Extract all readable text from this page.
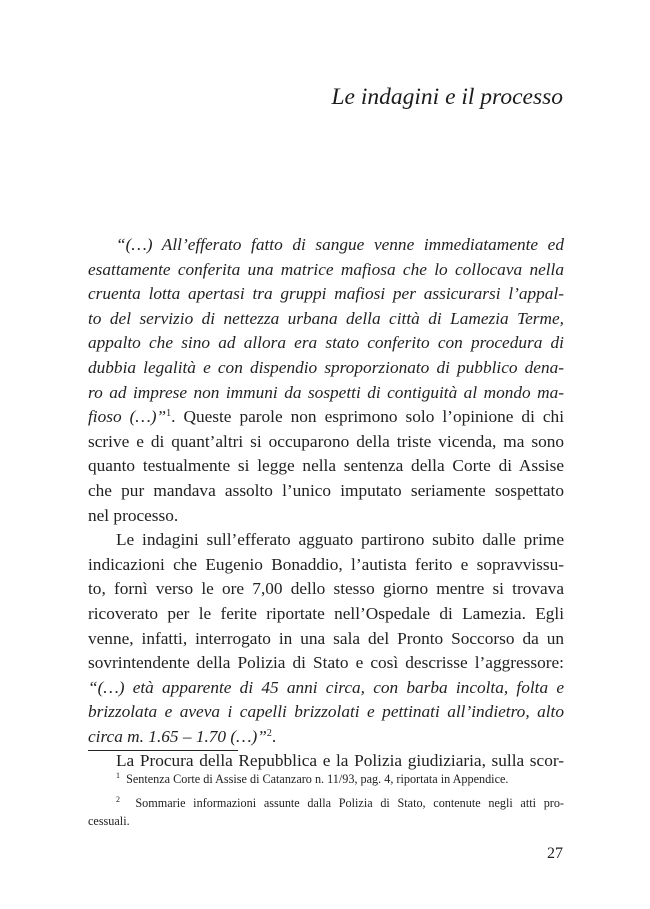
Le indagini e il processo
“(…) All’efferato fatto di sangue venne immediatamente ed
esattamente conferita una matrice mafiosa che lo collocava nella
cruenta lotta apertasi tra gruppi mafiosi per assicurarsi l’appal-
to del servizio di nettezza urbana della città di Lamezia Terme,
appalto che sino ad allora era stato conferito con procedura di
dubbia legalità e con dispendio sproporzionato di pubblico dena-
ro ad imprese non immuni da sospetti di contiguità al mondo ma-
fioso (…)”$^1$. Queste parole non esprimono solo l’opinione di chi
scrive e di quant’altri si occuparono della triste vicenda, ma sono
quanto testualmente si legge nella sentenza della Corte di Assise
che pur mandava assolto l’unico imputato seriamente sospettato
nel processo.
Le indagini sull’efferato agguato partirono subito dalle prime
indicazioni che Eugenio Bonaddio, l’autista ferito e sopravvissu-
to, fornì verso le ore 7,00 dello stesso giorno mentre si trovava
ricoverato per le ferite riportate nell’Ospedale di Lamezia. Egli
venne, infatti, interrogato in una sala del Pronto Soccorso da un
sovrintendente della Polizia di Stato e così descrisse l’aggressore:
“(…) età apparente di 45 anni circa, con barba incolta, folta e
brizzolata e aveva i capelli brizzolati e pettinati all’indietro, alto
circa m. 1.65 – 1.70 (…)”$^2$.
La Procura della Repubblica e la Polizia giudiziaria, sulla scor-
$^1$ Sentenza Corte di Assise di Catanzaro n. 11/93, pag. 4, riportata in Appendice.
$^2$ Sommarie informazioni assunte dalla Polizia di Stato, contenute negli atti pro-
cessuali.
27
